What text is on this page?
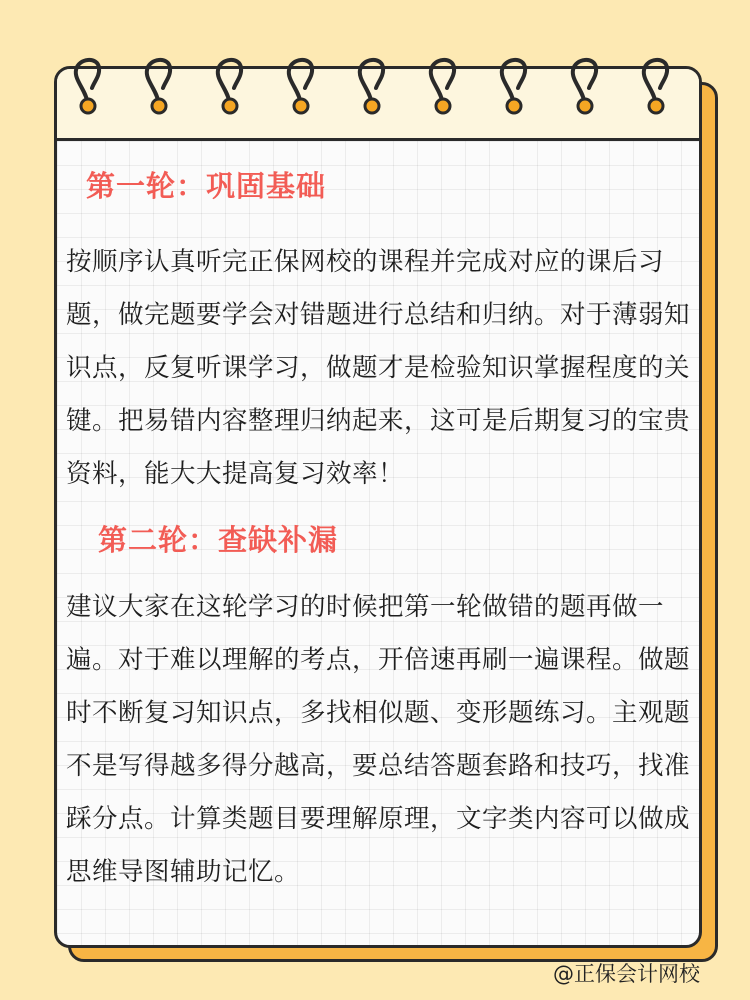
第一轮：巩固基础

按顺序认真听完正保网校的课程并完成对应的课后习题，做完题要学会对错题进行总结和归纳。对于薄弱知识点，反复听课学习，做题才是检验知识掌握程度的关键。把易错内容整理归纳起来，这可是后期复习的宝贵资料，能大大提高复习效率！

第二轮：查缺补漏

建议大家在这轮学习的时候把第一轮做错的题再做一遍。对于难以理解的考点，开倍速再刷一遍课程。做题时不断复习知识点，多找相似题、变形题练习。主观题不是写得越多得分越高，要总结答题套路和技巧，找准踩分点。计算类题目要理解原理，文字类内容可以做成思维导图辅助记忆。

@正保会计网校
